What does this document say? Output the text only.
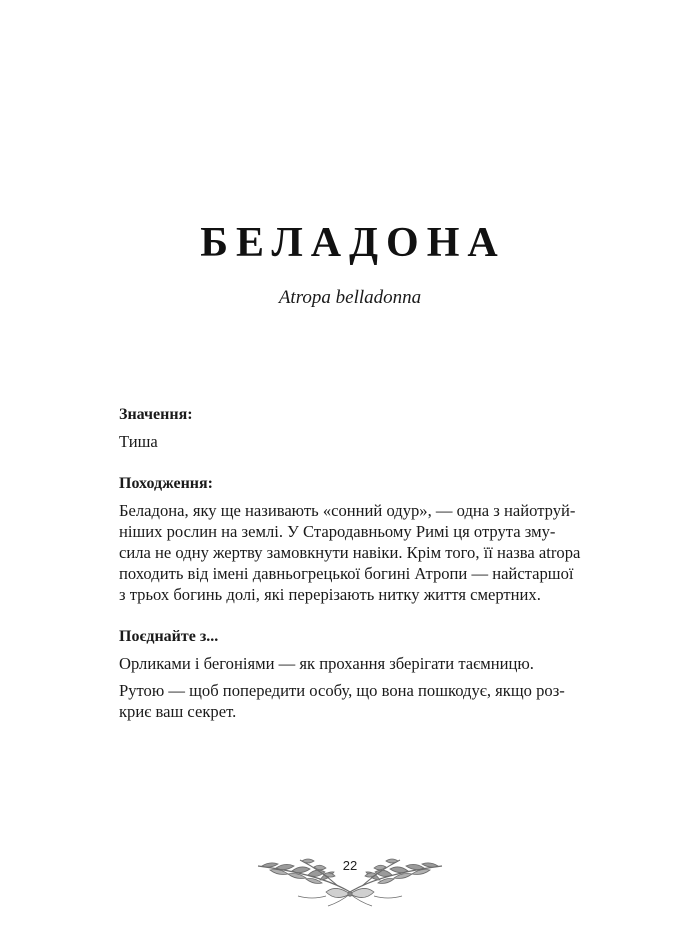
БЕЛАДОНА
Atropa belladonna

Значення:

Тиша

Походження:

Беладона, яку ще називають «сонний одур», — одна з найотруй-
ніших рослин на землі. У Стародавньому Римі ця отрута зму-
сила не одну жертву замовкнути навіки. Крім того, її назва atropa
походить від імені давньогрецької богині Атропи — найстаршої
з трьох богинь долі, які перерізають нитку життя смертних.

Поєднайте з...

Орликами і бегоніями — як прохання зберігати таємницю.

Рутою — щоб попередити особу, що вона пошкодує, якщо роз-
криє ваш секрет.

22
